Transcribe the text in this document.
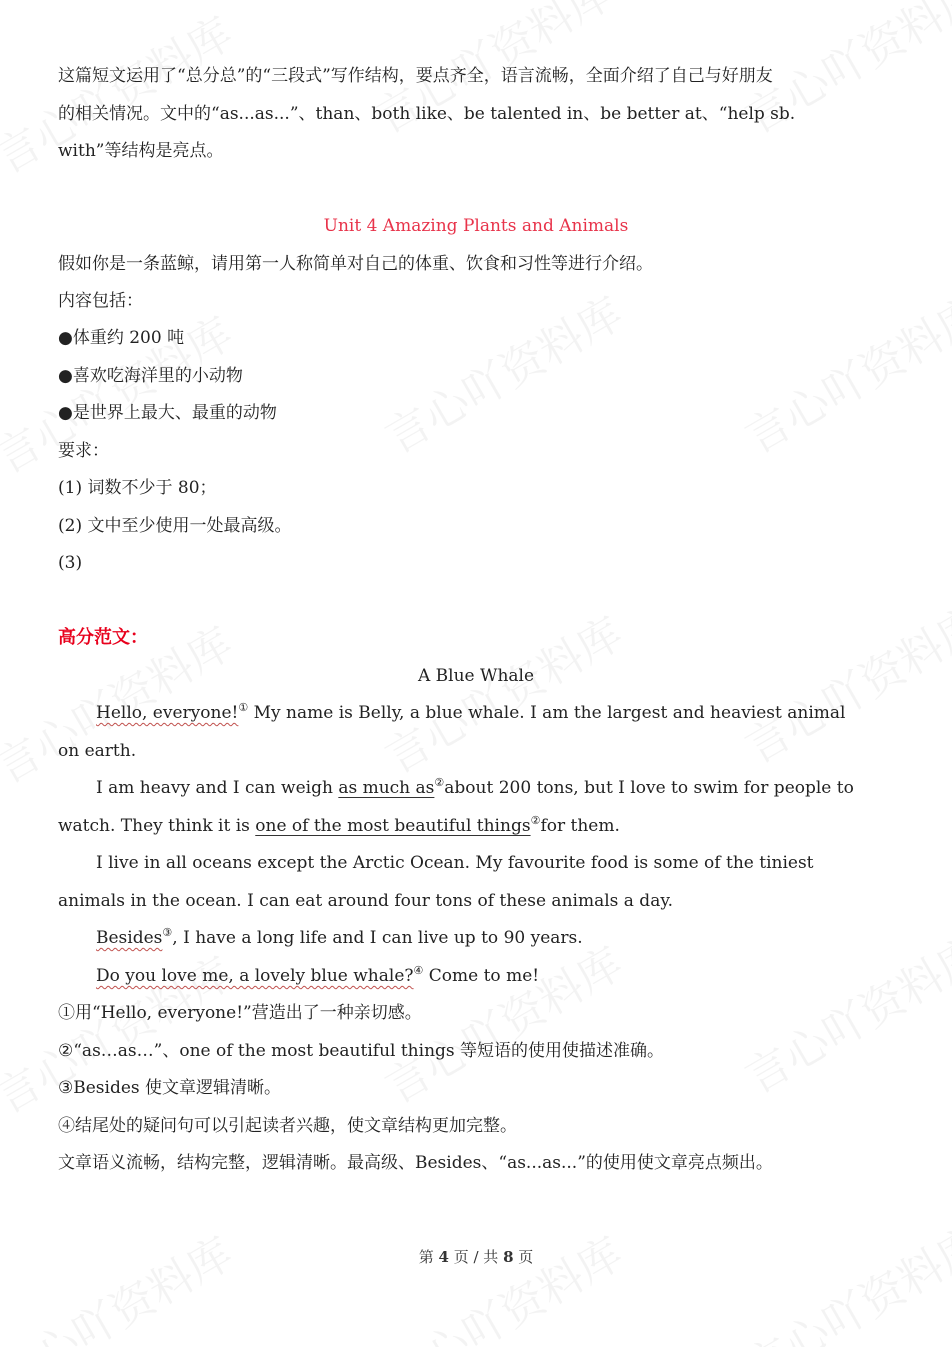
这篇短文运用了“总分总”的“三段式”写作结构，要点齐全，语言流畅，全面介绍了自己与好朋友
的相关情况。文中的“as...as...”、than、both like、be talented in、be better at、“help sb.
with”等结构是亮点。
Unit 4 Amazing Plants and Animals
假如你是一条蓝鲸，请用第一人称简单对自己的体重、饮食和习性等进行介绍。
内容包括：
●体重约 200 吨
●喜欢吃海洋里的小动物
●是世界上最大、最重的动物
要求：
(1) 词数不少于 80；
(2) 文中至少使用一处最高级。
(3)
高分范文：
A Blue Whale
Hello, everyone!① My name is Belly, a blue whale. I am the largest and heaviest animal
on earth.
I am heavy and I can weigh as much as②about 200 tons, but I love to swim for people to
watch. They think it is one of the most beautiful things②for them.
I live in all oceans except the Arctic Ocean. My favourite food is some of the tiniest
animals in the ocean. I can eat around four tons of these animals a day.
Besides③, I have a long life and I can live up to 90 years.
Do you love me, a lovely blue whale?④ Come to me!
①用“Hello, everyone!”营造出了一种亲切感。
②“as…as…”、one of the most beautiful things 等短语的使用使描述准确。
③Besides 使文章逻辑清晰。
④结尾处的疑问句可以引起读者兴趣，使文章结构更加完整。
文章语义流畅，结构完整，逻辑清晰。最高级、Besides、“as...as...”的使用使文章亮点频出。
第 4 页 / 共 8 页
